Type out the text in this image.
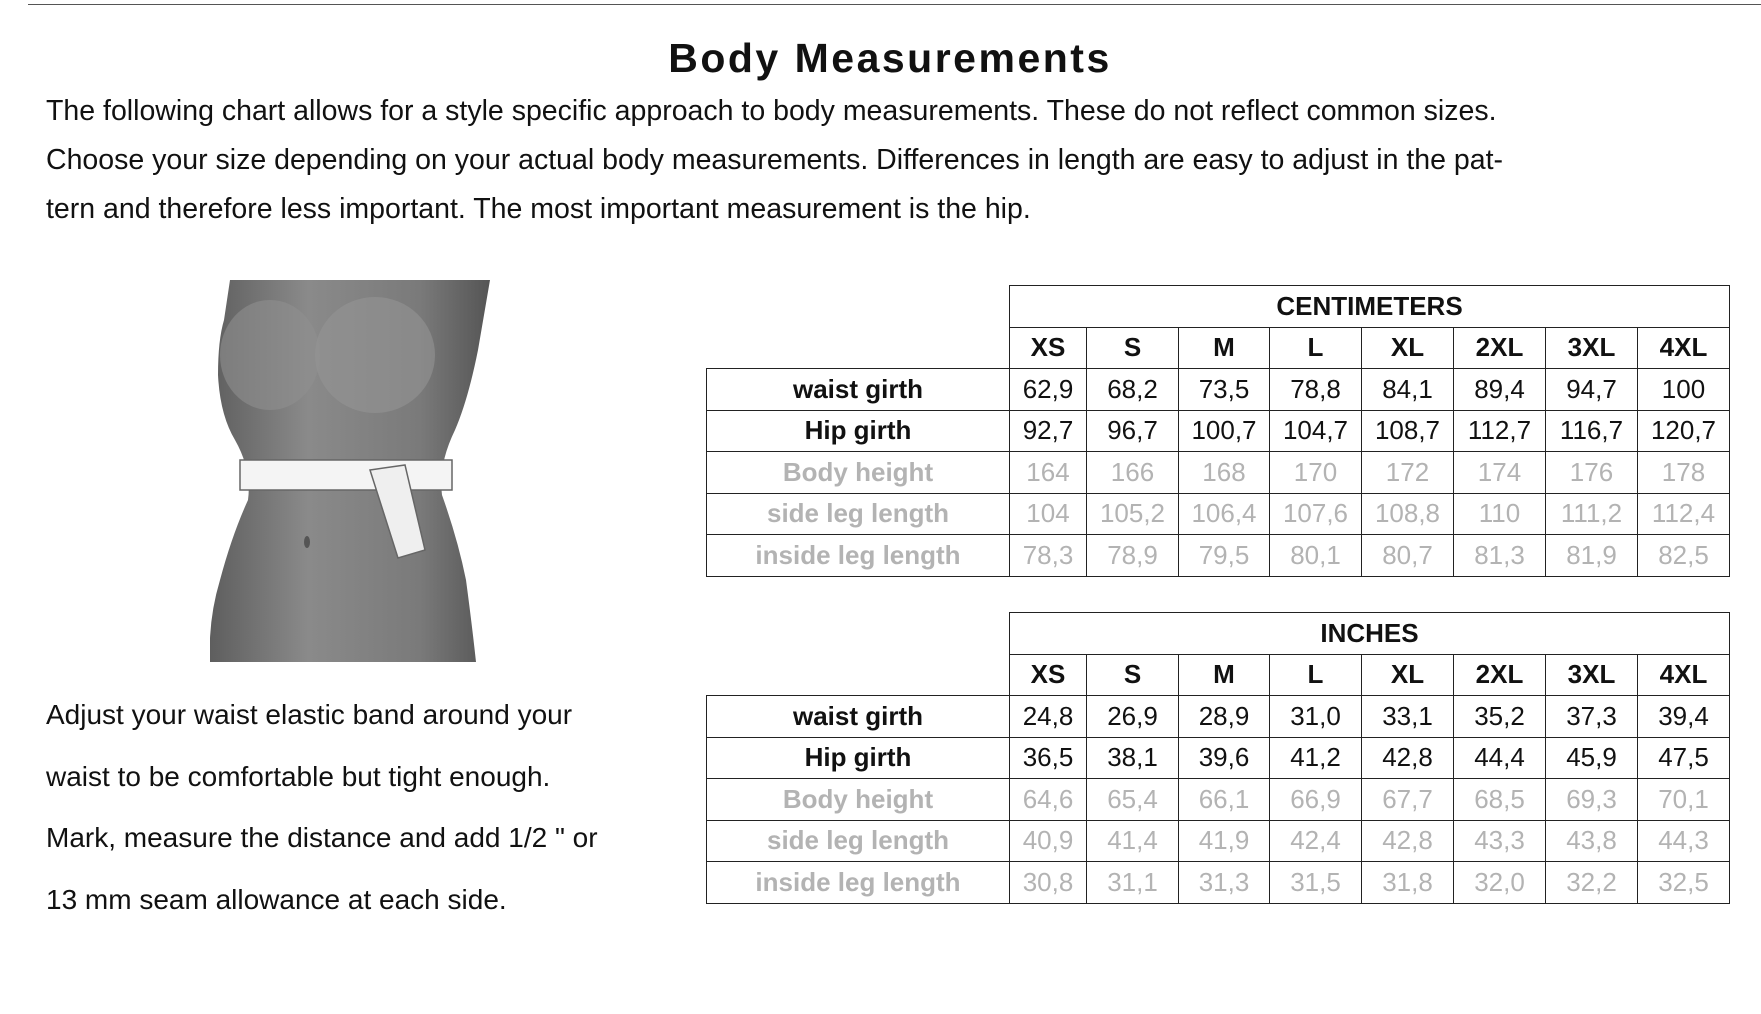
Body Measurements

The following chart allows for a style specific approach to body measurements. These do not reflect common sizes.

Choose your size depending on your actual body measurements. Differences in length are easy to adjust in the pat-

tern and therefore less important. The most important measurement is the hip.

Adjust your waist elastic band around your

waist to be comfortable but tight enough.

Mark, measure the distance and add 1/2 " or

13 mm seam allowance at each side.

	CENTIMETERS							
	XS	S	M	L	XL	2XL	3XL	4XL
waist girth	62,9	68,2	73,5	78,8	84,1	89,4	94,7	100
Hip girth	92,7	96,7	100,7	104,7	108,7	112,7	116,7	120,7
Body height	164	166	168	170	172	174	176	178
side leg length	104	105,2	106,4	107,6	108,8	110	111,2	112,4
inside leg length	78,3	78,9	79,5	80,1	80,7	81,3	81,9	82,5
	INCHES							
	XS	S	M	L	XL	2XL	3XL	4XL
waist girth	24,8	26,9	28,9	31,0	33,1	35,2	37,3	39,4
Hip girth	36,5	38,1	39,6	41,2	42,8	44,4	45,9	47,5
Body height	64,6	65,4	66,1	66,9	67,7	68,5	69,3	70,1
side leg length	40,9	41,4	41,9	42,4	42,8	43,3	43,8	44,3
inside leg length	30,8	31,1	31,3	31,5	31,8	32,0	32,2	32,5
